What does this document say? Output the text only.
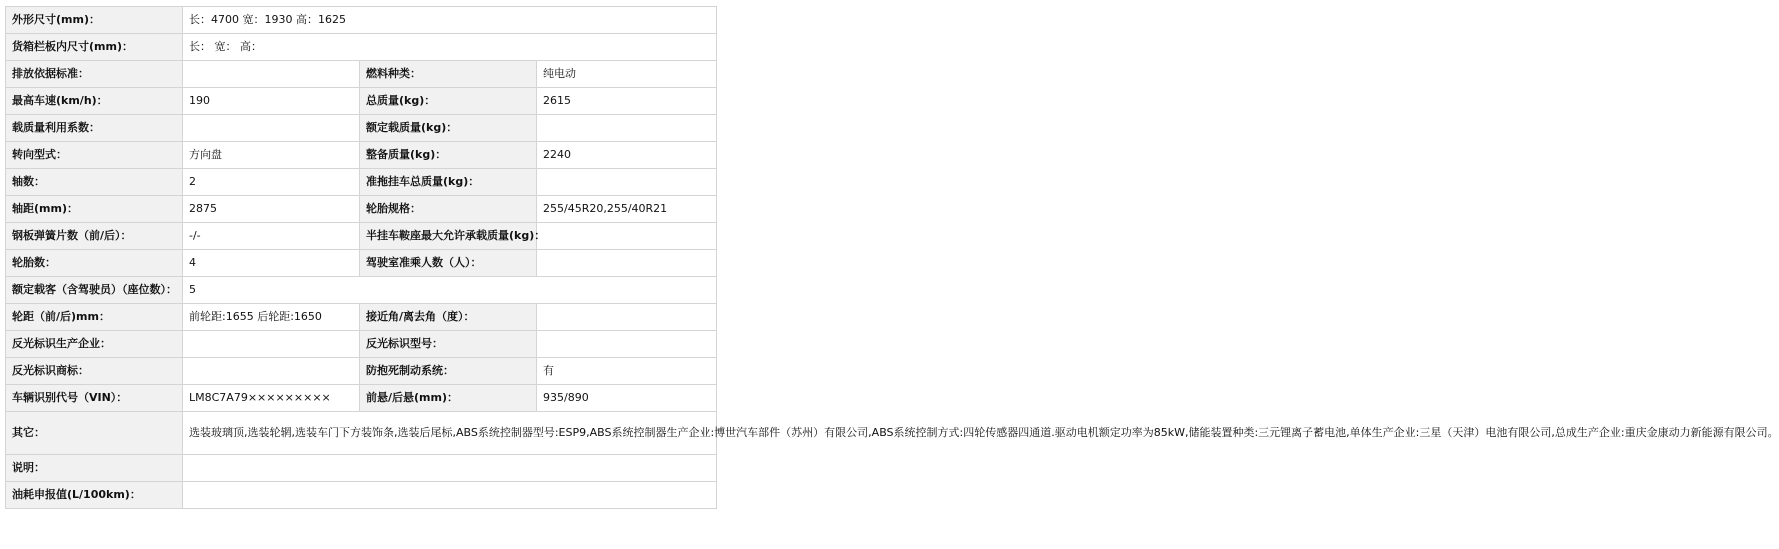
外形尺寸(mm)：	长：4700 宽：1930 高：1625		
货箱栏板内尺寸(mm)：	长： 宽： 高：		
排放依据标准：		燃料种类：	纯电动
最高车速(km/h)：	190	总质量(kg)：	2615
载质量利用系数：		额定载质量(kg)：	
转向型式：	方向盘	整备质量(kg)：	2240
轴数：	2	准拖挂车总质量(kg)：	
轴距(mm)：	2875	轮胎规格：	255/45R20,255/40R21
钢板弹簧片数（前/后）：	-/-	半挂车鞍座最大允许承载质量(kg)：	
轮胎数：	4	驾驶室准乘人数（人）：	
额定载客（含驾驶员）（座位数）：	5		
轮距（前/后)mm：	前轮距:1655 后轮距:1650	接近角/离去角（度）：	
反光标识生产企业：		反光标识型号：	
反光标识商标：		防抱死制动系统：	有
车辆识别代号（VIN）：	LM8C7A79×××××××××	前悬/后悬(mm)：	935/890
其它：	选装玻璃顶,选装轮辋,选装车门下方装饰条,选装后尾标,ABS系统控制器型号:ESP9,ABS系统控制器生产企业:博世汽车部件（苏州）有限公司,ABS系统控制方式:四轮传感器四通道.驱动电机额定功率为85kW,储能装置种类:三元锂离子蓄电池,单体生产企业:三星（天津）电池有限公司,总成生产企业:重庆金康动力新能源有限公司。		
说明：			
油耗申报值(L/100km)：			
